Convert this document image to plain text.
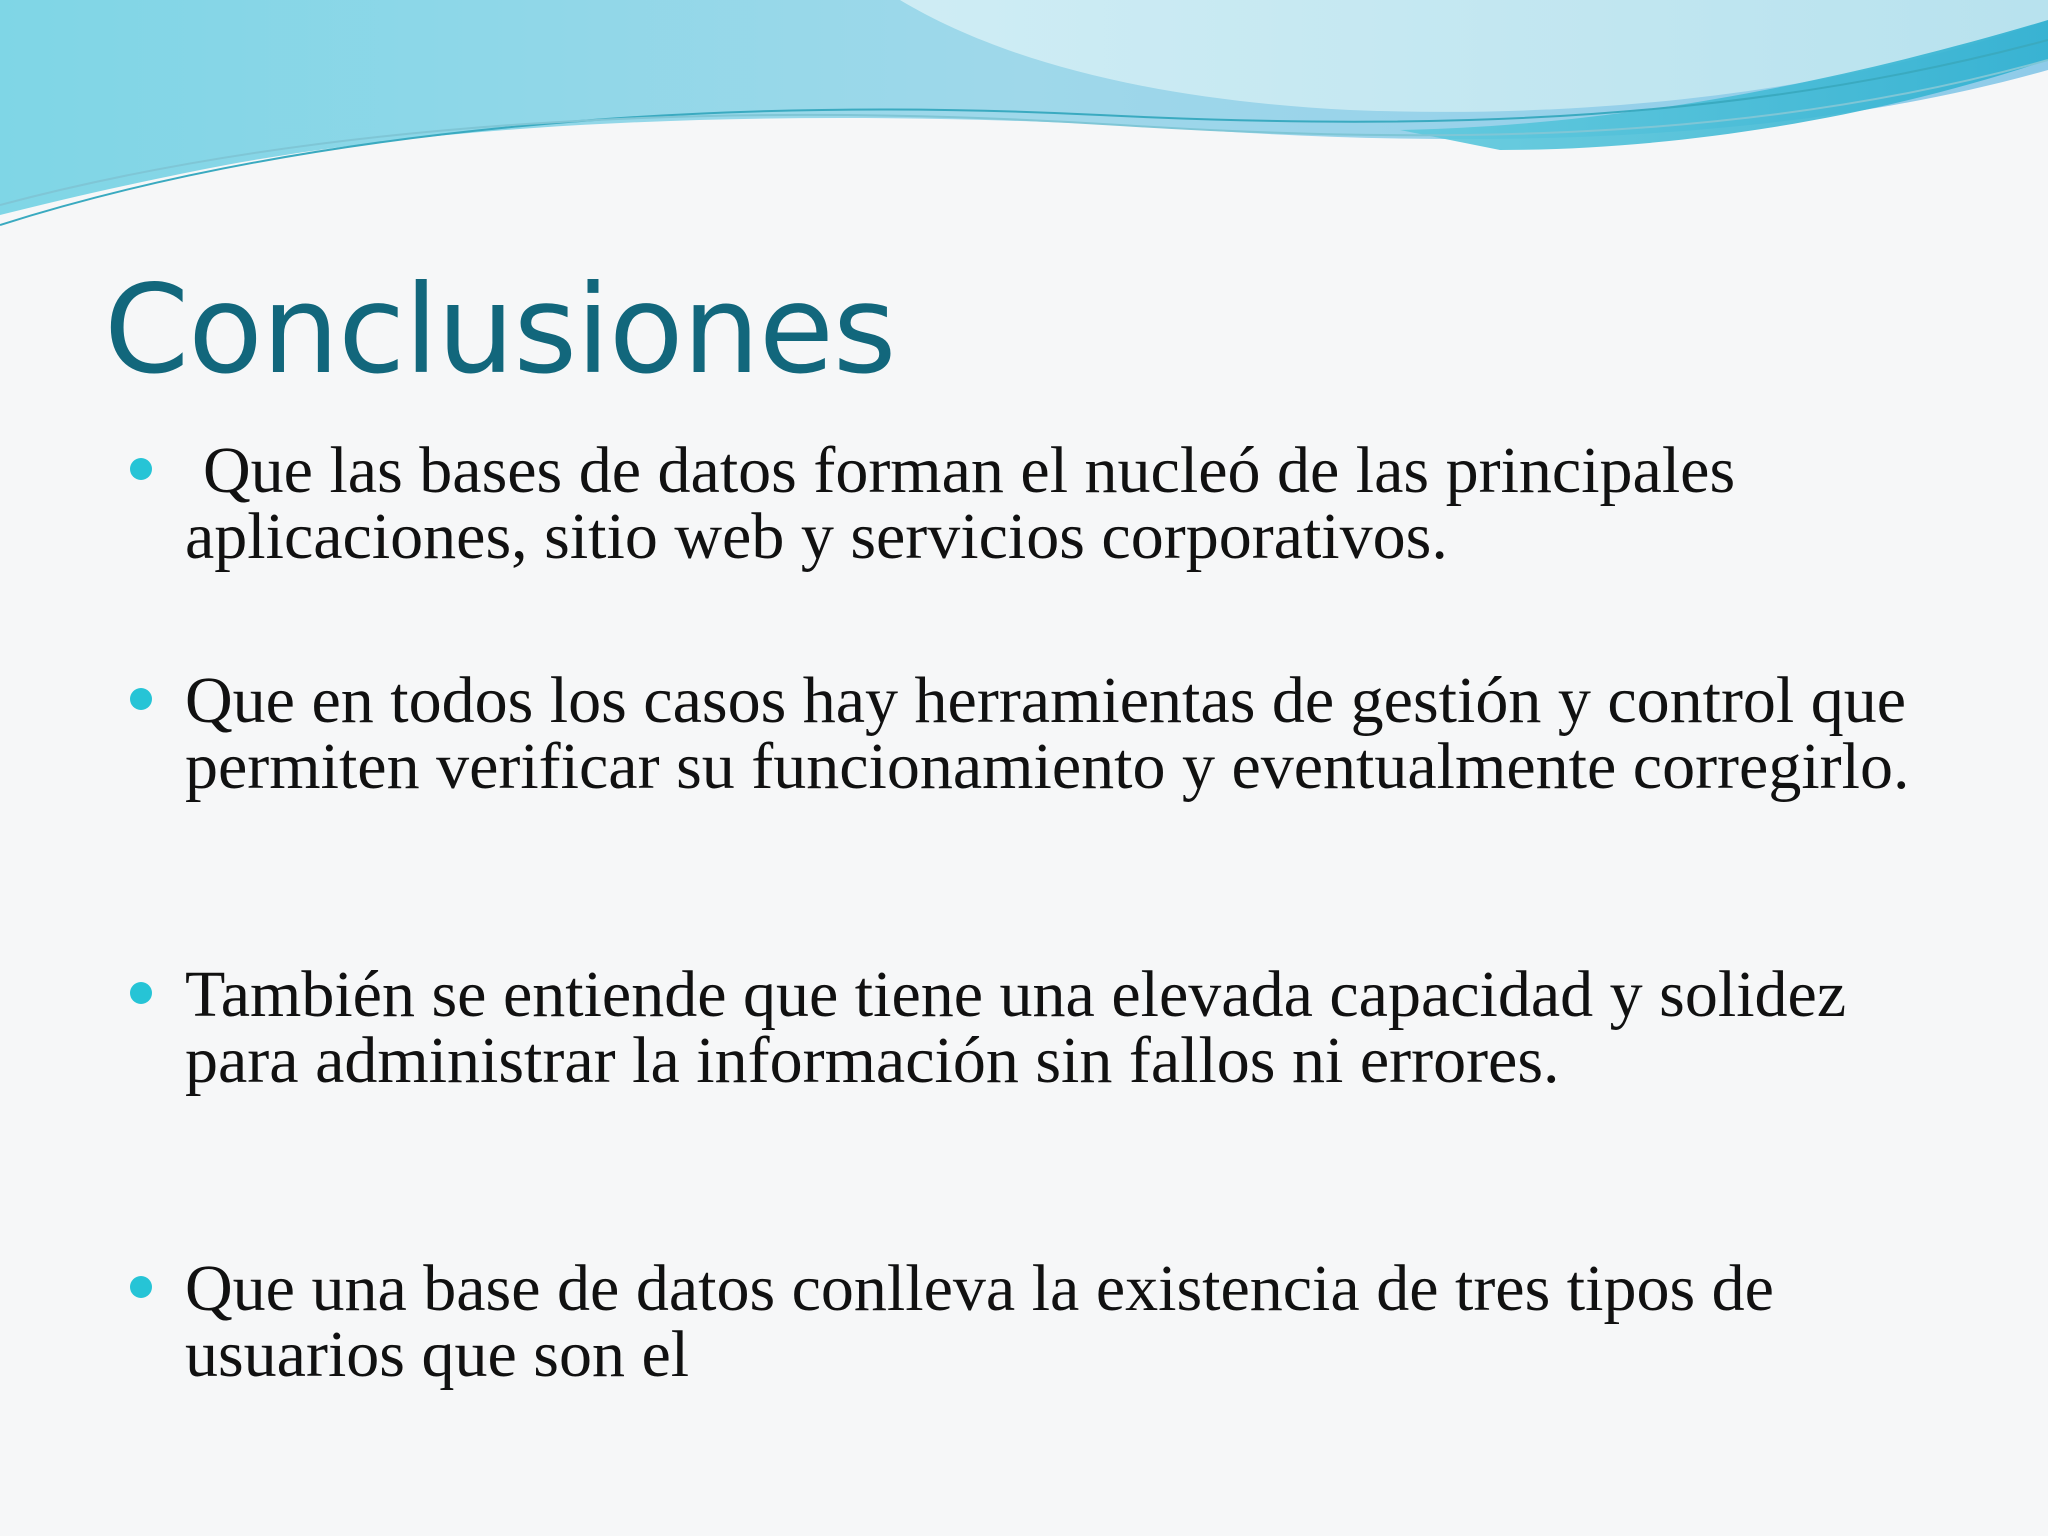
Conclusiones
Que las bases de datos forman el nucleó de las principales aplicaciones, sitio web y servicios corporativos.
Que en todos los casos hay herramientas de gestión y control que permiten verificar su funcionamiento y eventualmente corregirlo.
También se entiende que tiene una elevada capacidad y solidez para administrar la información sin fallos ni errores.
Que una base de datos conlleva la existencia de tres tipos de usuarios que son el
